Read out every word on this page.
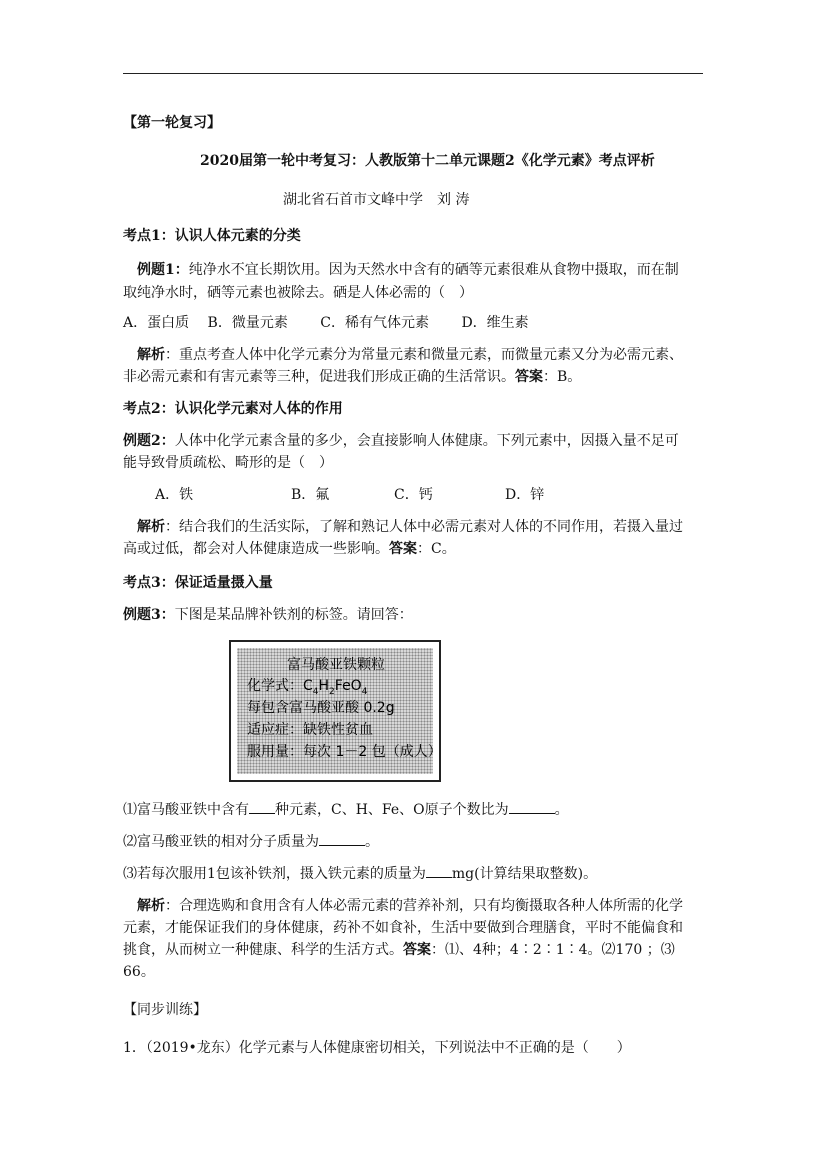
【第一轮复习】
2020届第一轮中考复习：人教版第十二单元课题2《化学元素》考点评析
湖北省石首市文峰中学　刘 涛
考点1：认识人体元素的分类
例题1：纯净水不宜长期饮用。因为天然水中含有的硒等元素很难从食物中摄取，而在制
取纯净水时，硒等元素也被除去。硒是人体必需的（　）
A．蛋白质　 B．微量元素　　 C．稀有气体元素　　 D．维生素
解析：重点考查人体中化学元素分为常量元素和微量元素，而微量元素又分为必需元素、
非必需元素和有害元素等三种，促进我们形成正确的生活常识。答案：B。
考点2：认识化学元素对人体的作用
例题2：人体中化学元素含量的多少，会直接影响人体健康。下列元素中，因摄入量不足可
能导致骨质疏松、畸形的是（　）
A．铁	B．氟	C．钙	D．锌
解析：结合我们的生活实际，了解和熟记人体中必需元素对人体的不同作用，若摄入量过
高或过低，都会对人体健康造成一些影响。答案：C。
考点3：保证适量摄入量
例题3：下图是某品牌补铁剂的标签。请回答：
富马酸亚铁颗粒
化学式：$C_4H_2FeO_4$
每包含富马酸亚酸 0.2g
适应症：缺铁性贫血
服用量：每次 1－2 包（成人）
⑴富马酸亚铁中含有 种元素，C、H、Fe、O原子个数比为	。
⑵富马酸亚铁的相对分子质量为	。
⑶若每次服用1包该补铁剂，摄入铁元素的质量为 mg(计算结果取整数)。
解析：合理选购和食用含有人体必需元素的营养补剂，只有均衡摄取各种人体所需的化学
元素，才能保证我们的身体健康，药补不如食补，生活中要做到合理膳食，平时不能偏食和
挑食，从而树立一种健康、科学的生活方式。答案：⑴、4种；4∶2∶1∶4。⑵170 ；⑶
66。
【同步训练】
1．（2019•龙东）化学元素与人体健康密切相关，下列说法中不正确的是（　　）
